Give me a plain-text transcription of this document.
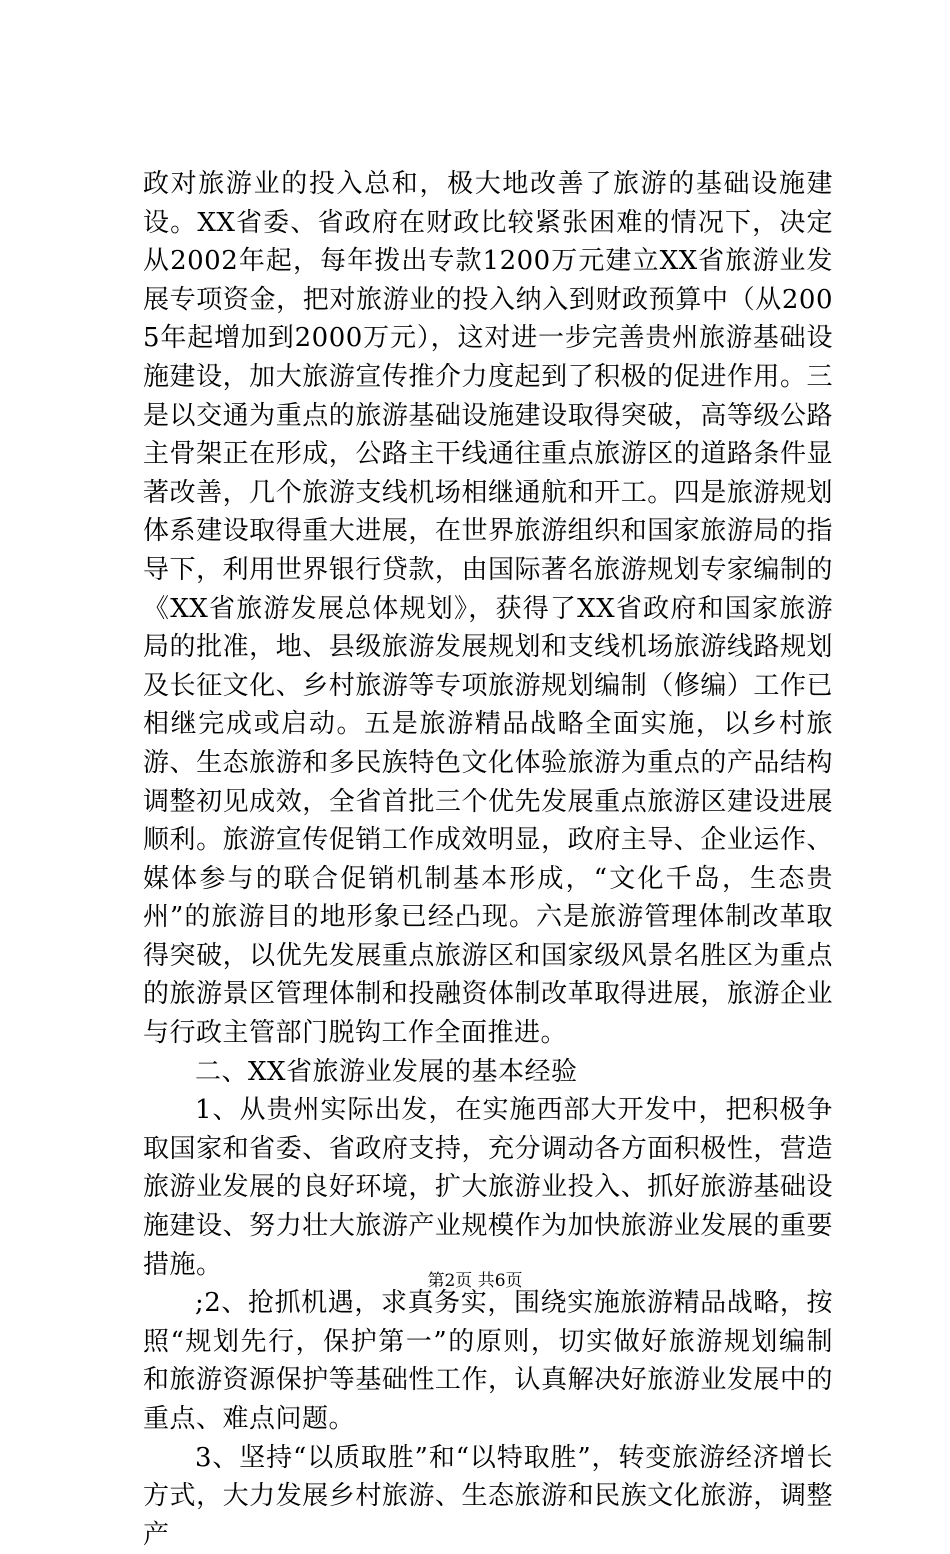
政对旅游业的投入总和，极大地改善了旅游的基础设施建设。XX省委、省政府在财政比较紧张困难的情况下，决定从2002年起，每年拨出专款1200万元建立XX省旅游业发展专项资金，把对旅游业的投入纳入到财政预算中（从2005年起增加到2000万元），这对进一步完善贵州旅游基础设施建设，加大旅游宣传推介力度起到了积极的促进作用。三是以交通为重点的旅游基础设施建设取得突破，高等级公路主骨架正在形成，公路主干线通往重点旅游区的道路条件显著改善，几个旅游支线机场相继通航和开工。四是旅游规划体系建设取得重大进展，在世界旅游组织和国家旅游局的指导下，利用世界银行贷款，由国际著名旅游规划专家编制的《XX省旅游发展总体规划》，获得了XX省政府和国家旅游局的批准，地、县级旅游发展规划和支线机场旅游线路规划及长征文化、乡村旅游等专项旅游规划编制（修编）工作已相继完成或启动。五是旅游精品战略全面实施，以乡村旅游、生态旅游和多民族特色文化体验旅游为重点的产品结构调整初见成效，全省首批三个优先发展重点旅游区建设进展顺利。旅游宣传促销工作成效明显，政府主导、企业运作、媒体参与的联合促销机制基本形成，“文化千岛，生态贵州”的旅游目的地形象已经凸现。六是旅游管理体制改革取得突破，以优先发展重点旅游区和国家级风景名胜区为重点的旅游景区管理体制和投融资体制改革取得进展，旅游企业与行政主管部门脱钩工作全面推进。

二、XX省旅游业发展的基本经验

1、从贵州实际出发，在实施西部大开发中，把积极争取国家和省委、省政府支持，充分调动各方面积极性，营造旅游业发展的良好环境，扩大旅游业投入、抓好旅游基础设施建设、努力壮大旅游产业规模作为加快旅游业发展的重要措施。

;2、抢抓机遇，求真务实，围绕实施旅游精品战略，按照“规划先行，保护第一”的原则，切实做好旅游规划编制和旅游资源保护等基础性工作，认真解决好旅游业发展中的重点、难点问题。

3、坚持“以质取胜”和“以特取胜”，转变旅游经济增长方式，大力发展乡村旅游、生态旅游和民族文化旅游，调整产

第2页 共6页
